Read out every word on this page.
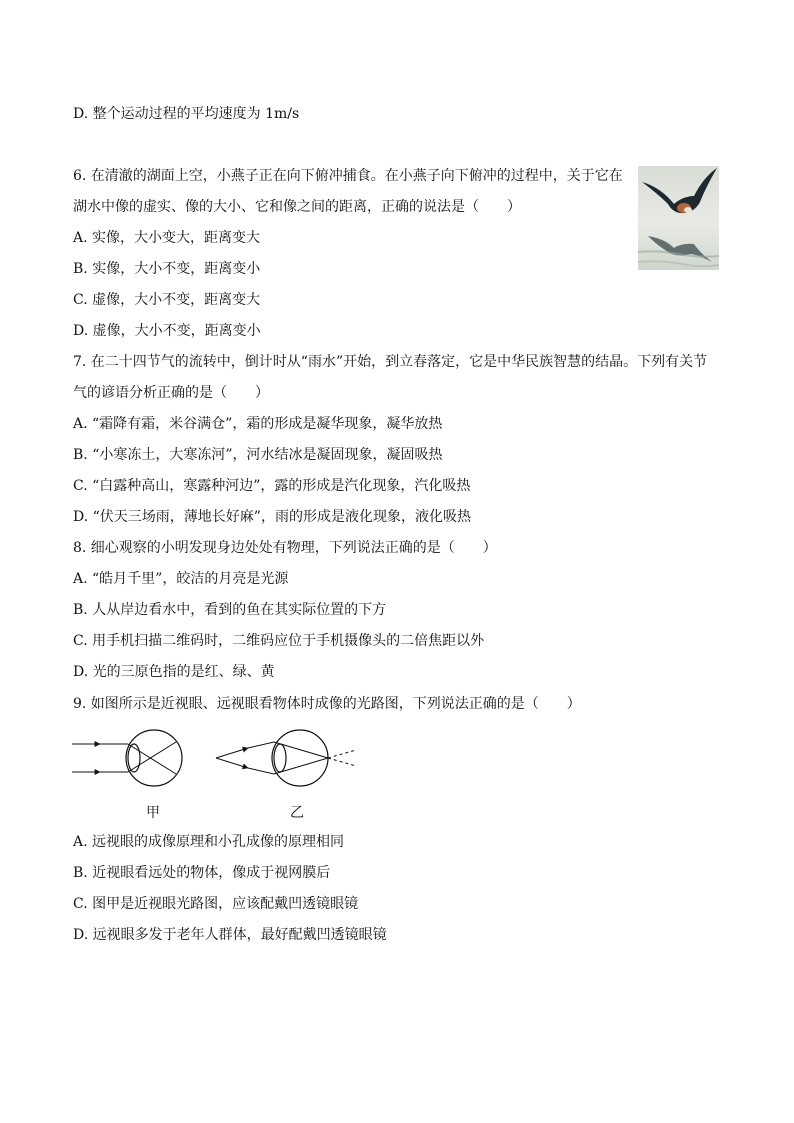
D. 整个运动过程的平均速度为 1m/s
6. 在清澈的湖面上空，小燕子正在向下俯冲捕食。在小燕子向下俯冲的过程中，关于它在
湖水中像的虚实、像的大小、它和像之间的距离，正确的说法是（　　）
A. 实像，大小变大，距离变大
B. 实像，大小不变，距离变小
C. 虚像，大小不变，距离变大
D. 虚像，大小不变，距离变小
7. 在二十四节气的流转中，倒计时从“雨水”开始，到立春落定，它是中华民族智慧的结晶。下列有关节
气的谚语分析正确的是（　　）
A. “霜降有霜，米谷满仓”，霜的形成是凝华现象，凝华放热
B. “小寒冻土，大寒冻河”，河水结冰是凝固现象，凝固吸热
C. “白露种高山，寒露种河边”，露的形成是汽化现象，汽化吸热
D. “伏天三场雨，薄地长好麻”，雨的形成是液化现象，液化吸热
8. 细心观察的小明发现身边处处有物理，下列说法正确的是（　　）
A. “皓月千里”，皎洁的月亮是光源
B. 人从岸边看水中，看到的鱼在其实际位置的下方
C. 用手机扫描二维码时，二维码应位于手机摄像头的二倍焦距以外
D. 光的三原色指的是红、绿、黄
9. 如图所示是近视眼、远视眼看物体时成像的光路图，下列说法正确的是（　　）
甲	乙
A. 远视眼的成像原理和小孔成像的原理相同
B. 近视眼看远处的物体，像成于视网膜后
C. 图甲是近视眼光路图，应该配戴凹透镜眼镜
D. 远视眼多发于老年人群体，最好配戴凹透镜眼镜
